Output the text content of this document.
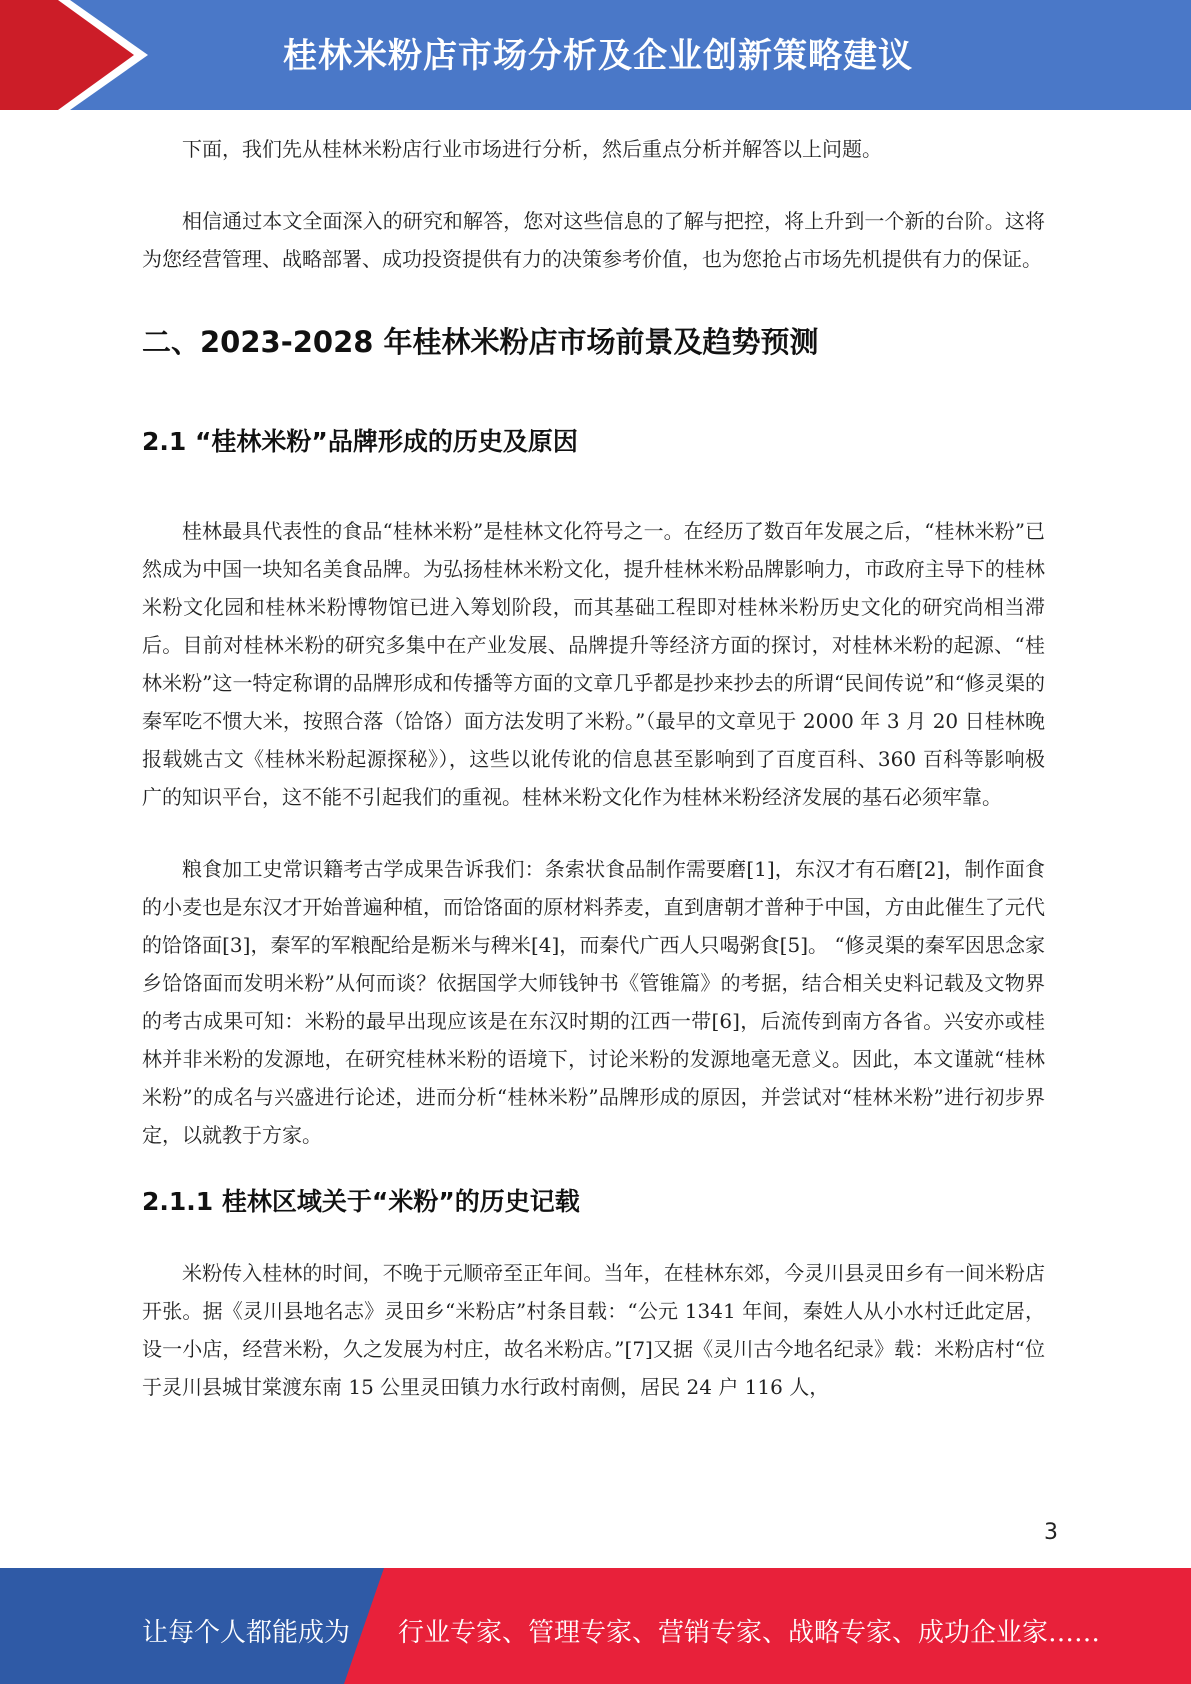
桂林米粉店市场分析及企业创新策略建议

下面，我们先从桂林米粉店行业市场进行分析，然后重点分析并解答以上问题。

相信通过本文全面深入的研究和解答，您对这些信息的了解与把控，将上升到一个新的台阶。这将为您经营管理、战略部署、成功投资提供有力的决策参考价值，也为您抢占市场先机提供有力的保证。

二、2023-2028 年桂林米粉店市场前景及趋势预测
2.1 “桂林米粉”品牌形成的历史及原因

桂林最具代表性的食品“桂林米粉”是桂林文化符号之一。在经历了数百年发展之后，“桂林米粉”已然成为中国一块知名美食品牌。为弘扬桂林米粉文化，提升桂林米粉品牌影响力，市政府主导下的桂林米粉文化园和桂林米粉博物馆已进入筹划阶段，而其基础工程即对桂林米粉历史文化的研究尚相当滞后。目前对桂林米粉的研究多集中在产业发展、品牌提升等经济方面的探讨，对桂林米粉的起源、“桂林米粉”这一特定称谓的品牌形成和传播等方面的文章几乎都是抄来抄去的所谓“民间传说”和“修灵渠的秦军吃不惯大米，按照合落（饸饹）面方法发明了米粉。”（最早的文章见于 2000 年 3 月 20 日桂林晚报载姚古文《桂林米粉起源探秘》），这些以讹传讹的信息甚至影响到了百度百科、360 百科等影响极广的知识平台，这不能不引起我们的重视。桂林米粉文化作为桂林米粉经济发展的基石必须牢靠。

粮食加工史常识籍考古学成果告诉我们：条索状食品制作需要磨[1]，东汉才有石磨[2]，制作面食的小麦也是东汉才开始普遍种植，而饸饹面的原材料荞麦，直到唐朝才普种于中国，方由此催生了元代的饸饹面[3]，秦军的军粮配给是粝米与稗米[4]，而秦代广西人只喝粥食[5]。 “修灵渠的秦军因思念家乡饸饹面而发明米粉”从何而谈？依据国学大师钱钟书《管锥篇》的考据，结合相关史料记载及文物界的考古成果可知：米粉的最早出现应该是在东汉时期的江西一带[6]，后流传到南方各省。兴安亦或桂林并非米粉的发源地，在研究桂林米粉的语境下，讨论米粉的发源地毫无意义。因此，本文谨就“桂林米粉”的成名与兴盛进行论述，进而分析“桂林米粉”品牌形成的原因，并尝试对“桂林米粉”进行初步界定，以就教于方家。

2.1.1 桂林区域关于“米粉”的历史记载

米粉传入桂林的时间，不晚于元顺帝至正年间。当年，在桂林东郊，今灵川县灵田乡有一间米粉店开张。据《灵川县地名志》灵田乡“米粉店”村条目载：“公元 1341 年间，秦姓人从小水村迁此定居，设一小店，经营米粉，久之发展为村庄，故名米粉店。”[7]又据《灵川古今地名纪录》载：米粉店村“位于灵川县城甘棠渡东南 15 公里灵田镇力水行政村南侧，居民 24 户 116 人，

3
让每个人都能成为 行业专家、管理专家、营销专家、战略专家、成功企业家……
